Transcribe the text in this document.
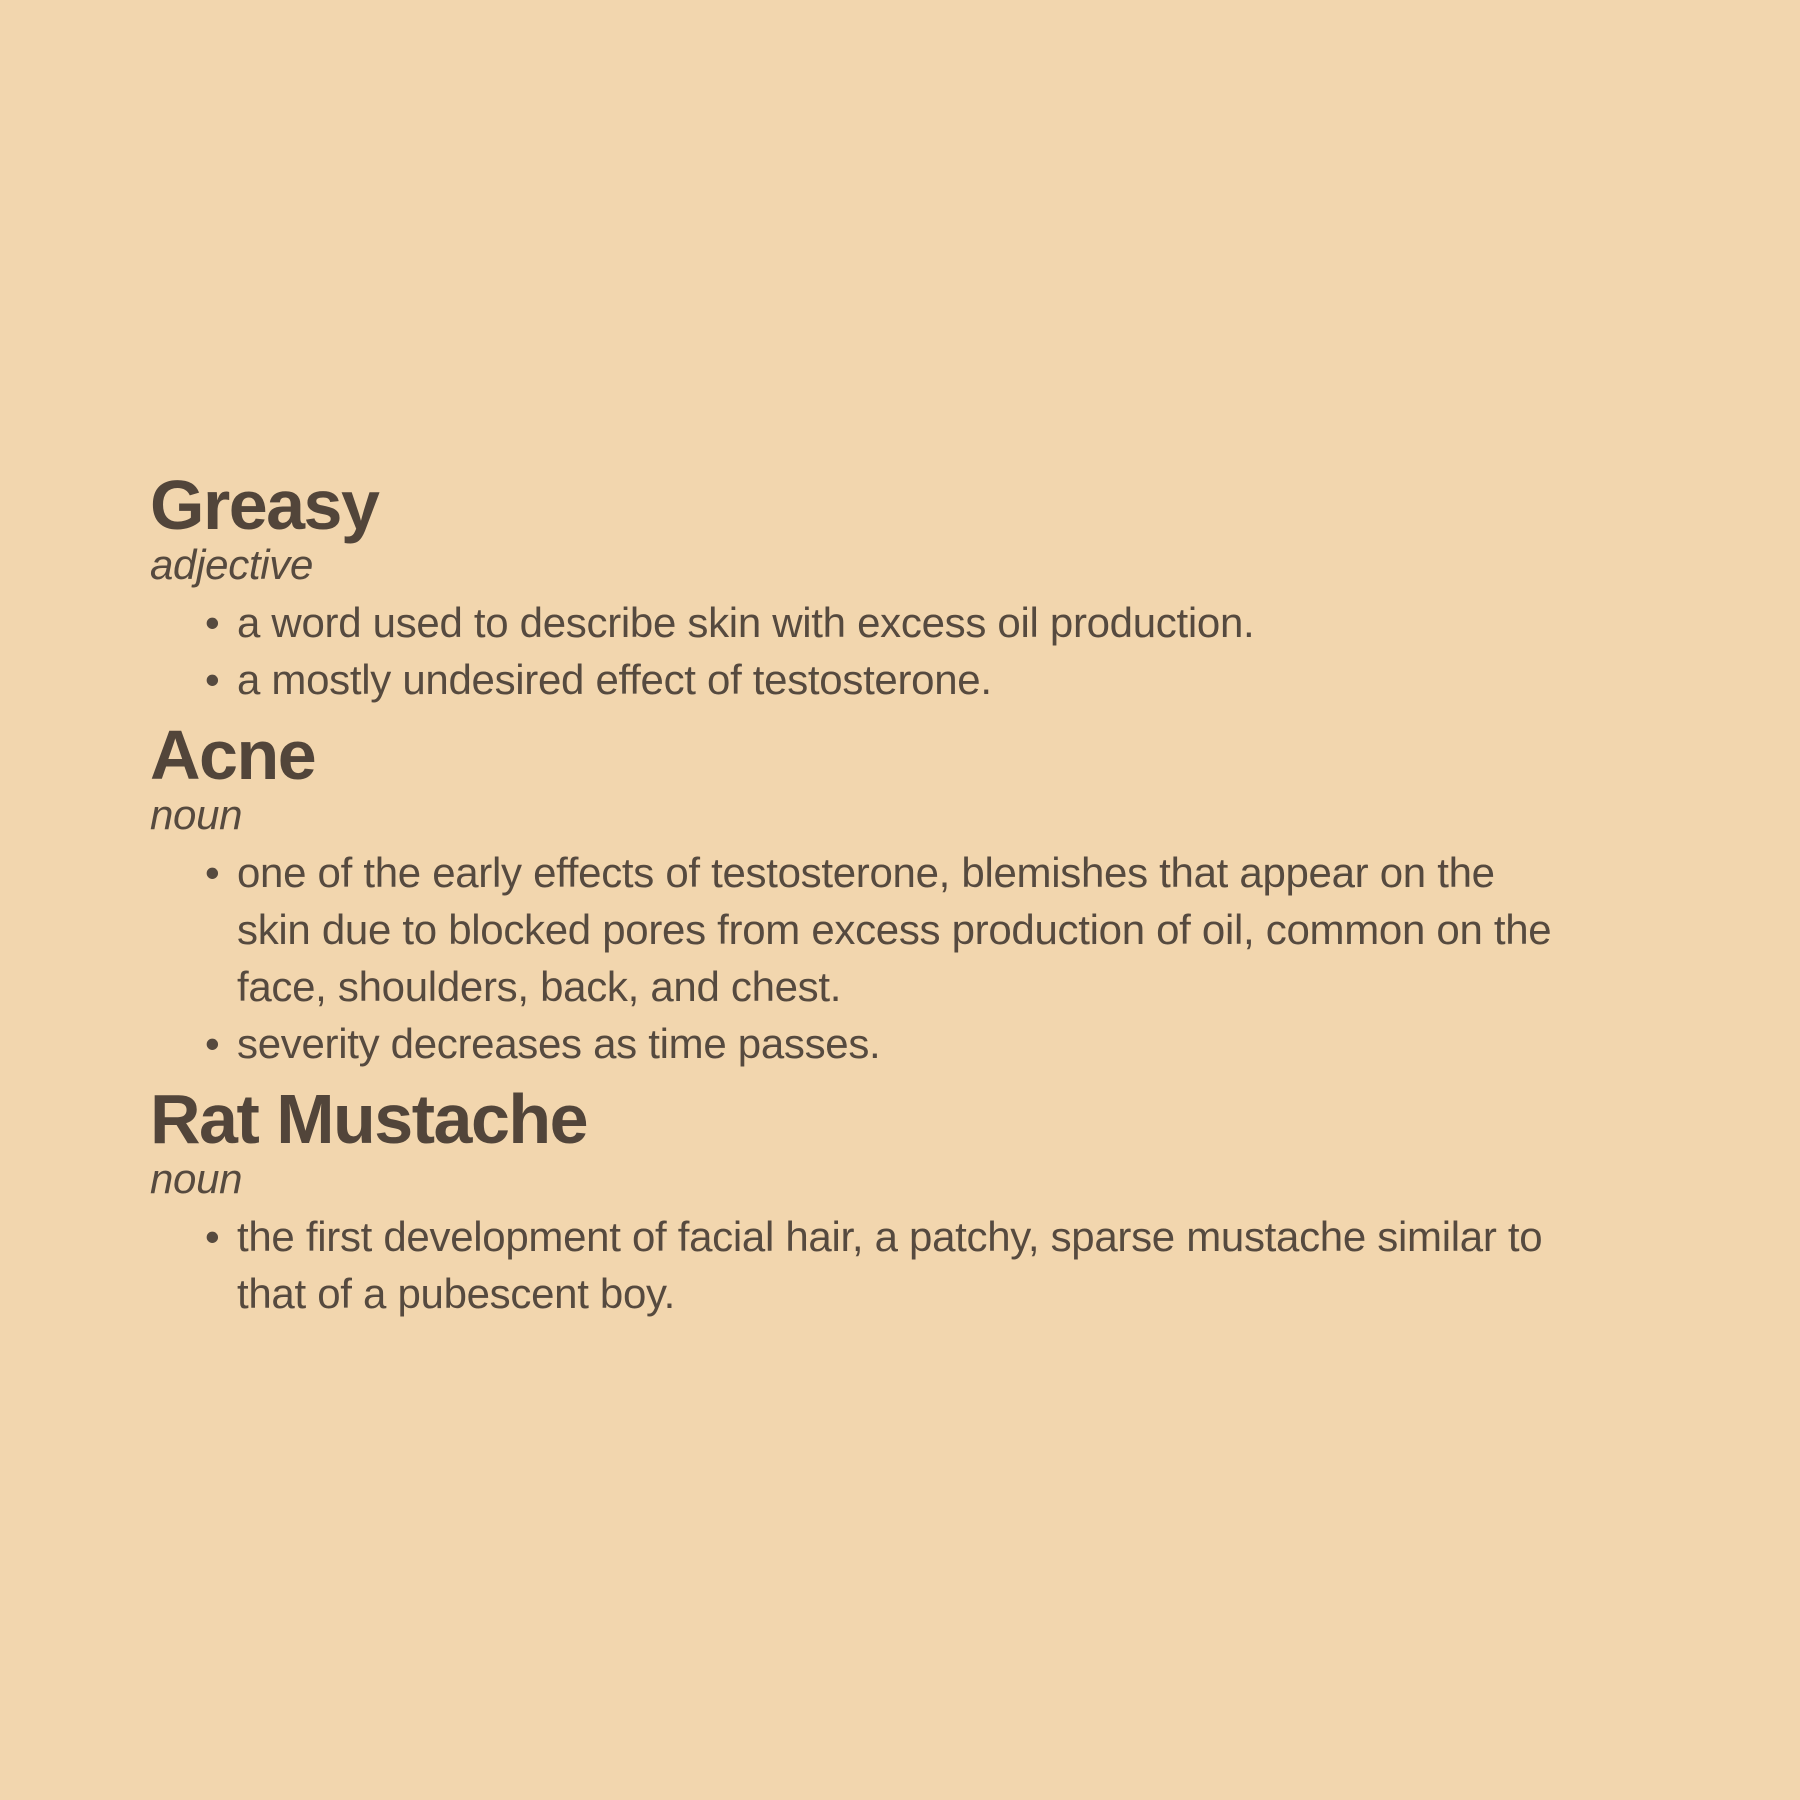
Greasy
adjective
• a word used to describe skin with excess oil production.
• a mostly undesired effect of testosterone.
Acne
noun
• one of the early effects of testosterone, blemishes that appear on the
skin due to blocked pores from excess production of oil, common on the
face, shoulders, back, and chest.
• severity decreases as time passes.
Rat Mustache
noun
• the first development of facial hair, a patchy, sparse mustache similar to
that of a pubescent boy.
